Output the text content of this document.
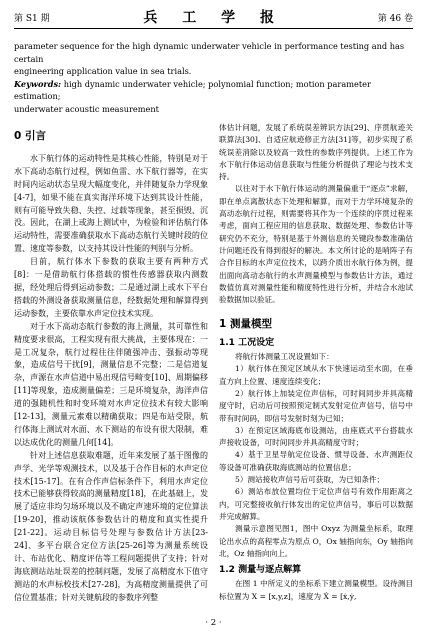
第 S1 期	兵 工 学 报	第 46 卷

parameter sequence for the high dynamic underwater vehicle in performance testing and has certain

engineering application value in sea trials.

Keywords: high dynamic underwater vehicle; polynomial function; motion parameter estimation;

underwater acoustic measurement

0 引言

水下航行体的运动特性是其核心性能，特别是对于水下高动态航行过程，例如鱼雷、水下航行器等，在实时间内运动状态呈现大幅度变化，并伴随复杂力学现象[4-7]，如果不能在真实海洋环境下达到其设计性能，则有可能导致失稳、失控、过载等现象，甚至损毁、沉没。因此，在湖上或海上测试中，为检验和评估航行体运动特性，需要准确获取水下高动态航行关键时段的位置、速度等参数，以支持其设计性能的判别与分析。

目前，航行体水下参数的获取主要有两种方式[8]：一是借助航行体搭载的惯性传感器获取内测数据，经处理后得到运动参数；二是通过湖上或水下平台搭载的外测设备获取测量信息，经数据处理和解算得到运动参数，主要依靠水声定位技术实现。

对于水下高动态航行参数的海上测量，其可靠性和精度要求很高，工程实现有很大挑战，主要体现在：一是工况复杂，航行过程往往伴随强冲击、强振动等现象，造成信号干扰[9]，测量信息不完整；二是信道复杂，声源在水声信道中易出现信号畸变[10]、周期偏移[11]等现象，造成测量偏差；三是环境复杂，海洋声信道的强随机性和时变环境对水声定位技术有较大影响[12-13]，测量元素难以精确获取；四是布站受限，航行体海上测试对水面、水下测站的布设有很大限制，难以达成优化的测量几何[14]。

针对上述信息获取难题，近年来发展了基于图像的声学、光学等观测技术，以及基于合作目标的水声定位技术[15-17]。在有合作声信标条件下，利用水声定位技术已能够获得较高的测量精度[18]，在此基础上，发展了适应非均匀场环境以及不确定声速环境的定位算法[19-20]，推动该航体参数估计的精度和真实性提升[21-22]。运动目标信号处理与参数估计方法[23-24]、多平台联合定位方法[25-26]等为测量系统设计、布站优化、精度评估等工程问题提供了支持；针对海底测站站址误差的控制问题，发展了高精度水下值守测站的水声标校技术[27-28]，为高精度测量提供了可信位置基准；针对关键航段的参数序列整

体估计问题，发展了系统误差辨识方法[29]、序贯航迹关联算法[30]、自适应航迹修正方法[31]等，初步实现了系统误差消除以及较高一致性的参数序列提供。上述工作为水下航行体运动信息获取与性能分析提供了理论与技术支持。

以往对于水下航行体运动的测量偏重于“逐点”求解，即在单点离散状态下处理和解算，而对于力学环境复杂的高动态航行过程，则需要将其作为一个连续的序贯过程来考虑，面向工程应用的信息获取、数据处理、参数估计等研究仍不充分，特别是基于外测信息的关键段参数准确估计问题还没有得到很好的解决。本文所讨论的是哨阵子有合作目标的水声定位技术，以跨介质出水航行体为例，提出面向高动态航行的水声测量模型与参数估计方法，通过数值仿真对测量性能和精度特性进行分析，并结合水池试验数据加以验证。

1 测量模型
1.1 工况设定

将航行体测量工况设置如下：

1）航行体在预定区域从水下快速运动至水面，在垂直方向上位置、速度连续变化；

2）航行体上加装定位声信标，可时间同步并具高精度守时，启动后可按照预定制式发射定位声信号，信号中带有时间码，即信号发射时刻为已知；

3）在预定区域海底布设测站，由座底式平台搭载水声接收设备，可时间同步并具高精度守时；

4）基于卫星导航定位设备、惯导设备、水声测距仪等设备可准确获取海底测站的位置信息；

5）测站接收声信号后可获取，为已知条件；

6）测站布放位置均位于定位声信号有效作用距离之内，可完整接收航行体发出的定位声信号，事后可以数据并完成解算。

测量示意图见图1，图中 Oxyz 为测量坐标系，取理论出水点的高程零点为原点 O，Ox 轴指向东，Oy 轴指向北，Oz 轴指向向上。

1.2 测量与逐点解算

在图 1 中所定义的坐标系下建立测量模型。设待测目标位置为 X = [x,y,z]，速度为 Ẋ = [ẋ,ẏ,

· 2 ·
